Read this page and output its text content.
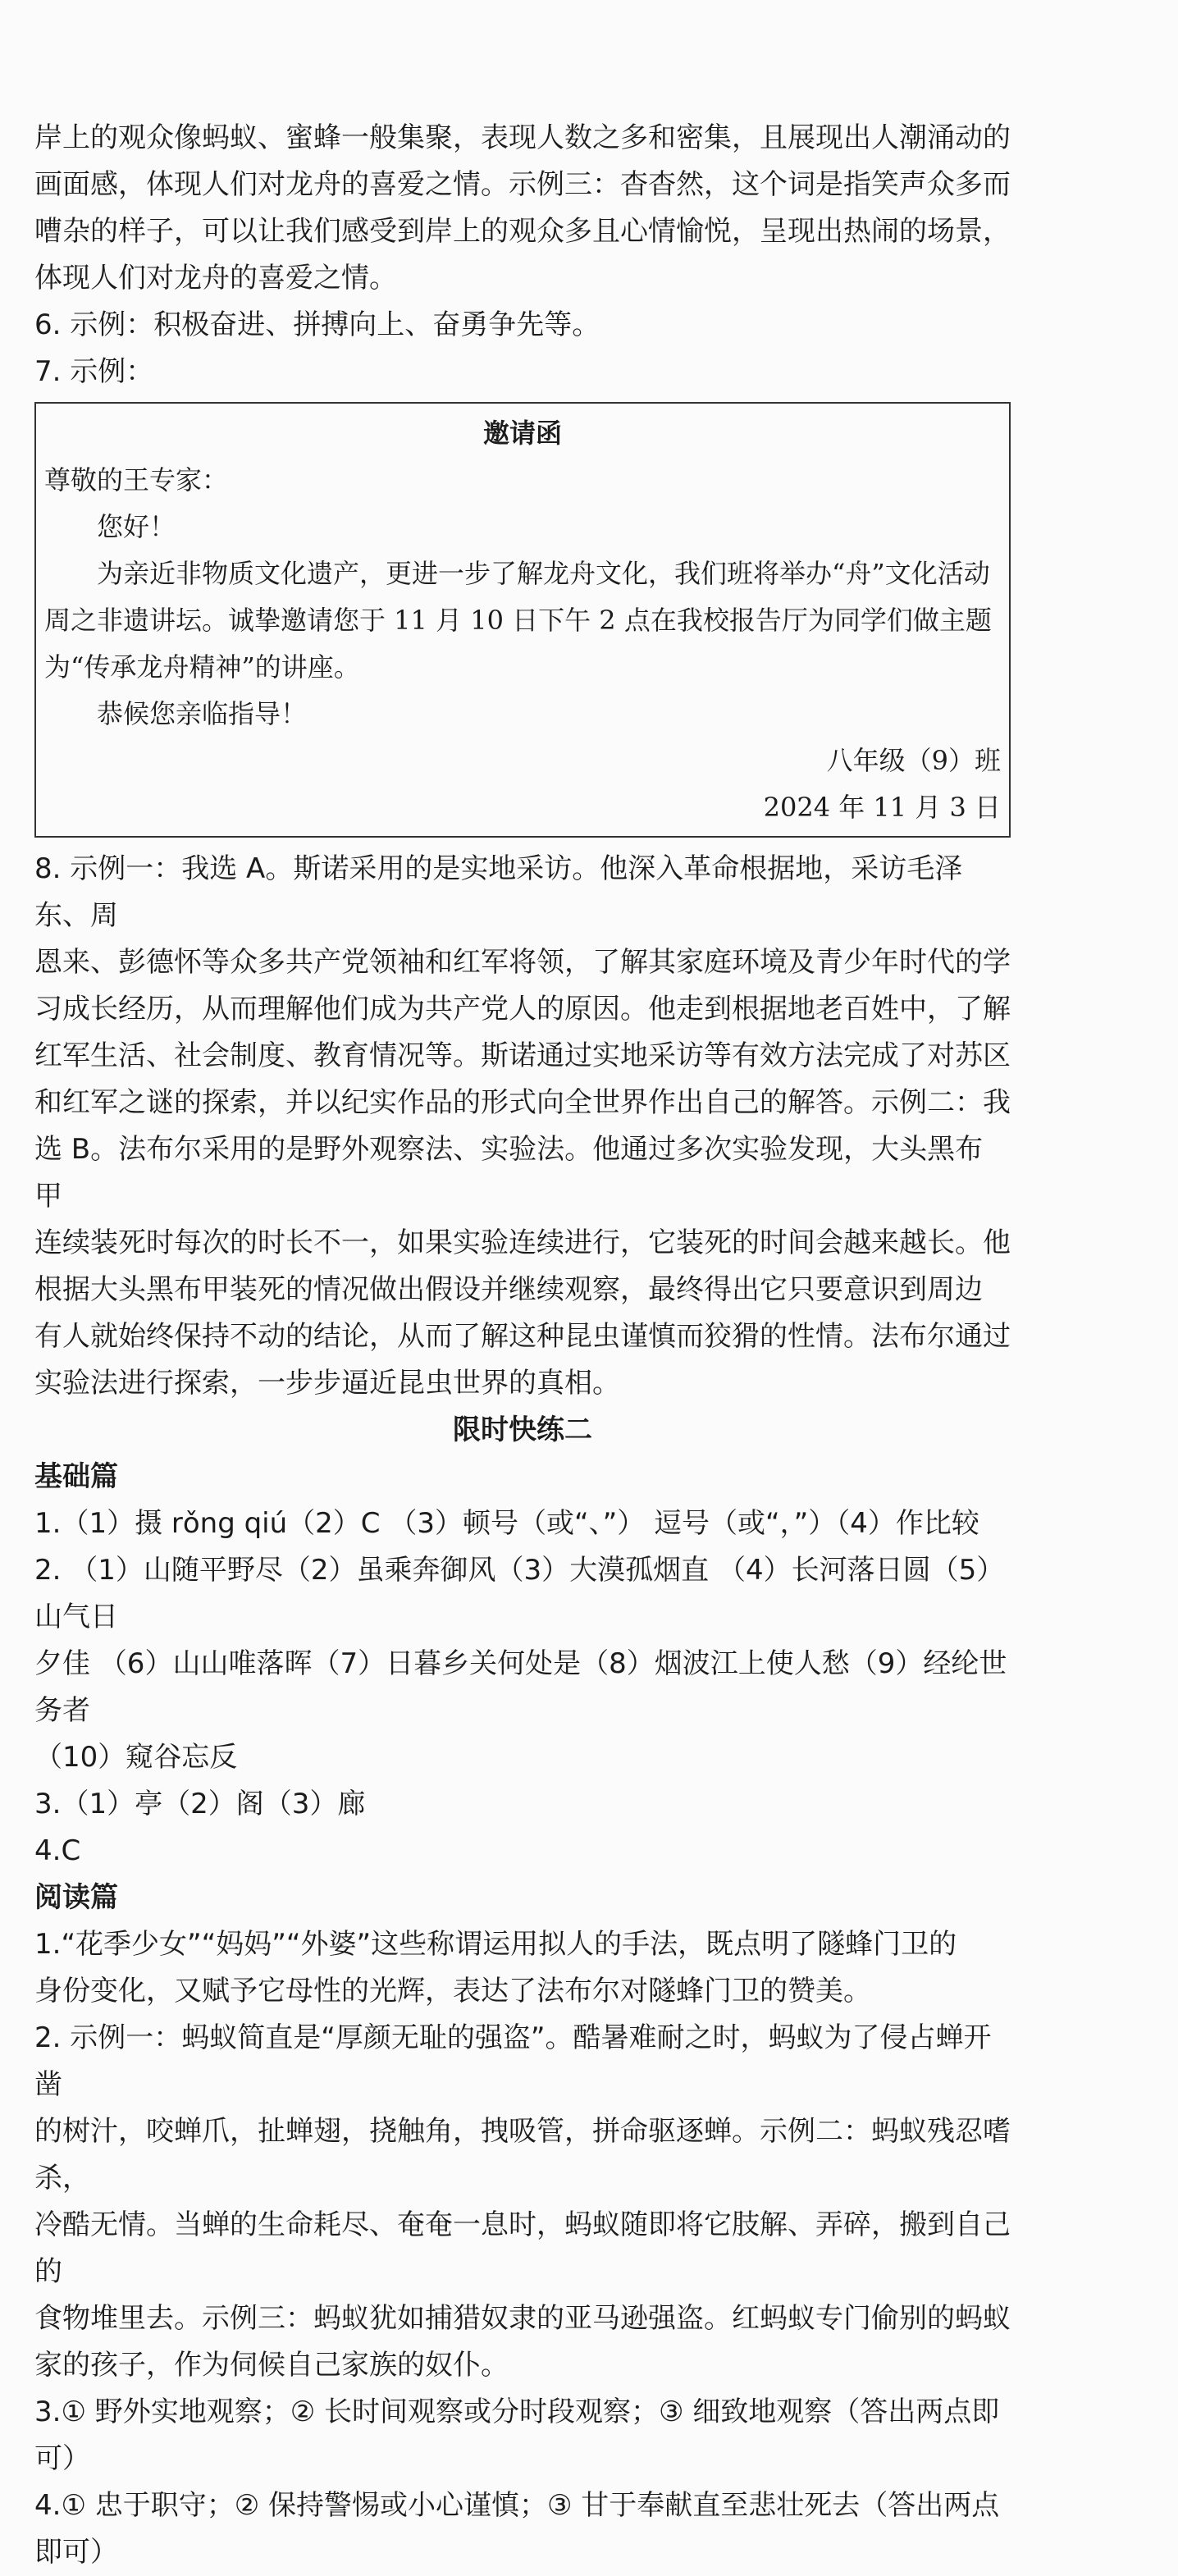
岸上的观众像蚂蚁、蜜蜂一般集聚，表现人数之多和密集，且展现出人潮涌动的

画面感，体现人们对龙舟的喜爱之情。示例三：杳杳然，这个词是指笑声众多而

嘈杂的样子，可以让我们感受到岸上的观众多且心情愉悦，呈现出热闹的场景，

体现人们对龙舟的喜爱之情。

6. 示例：积极奋进、拼搏向上、奋勇争先等。

7. 示例：

邀请函
尊敬的王专家：
您好！
为亲近非物质文化遗产，更进一步了解龙舟文化，我们班将举办“舟”文化活动
周之非遗讲坛。诚挚邀请您于 11 月 10 日下午 2 点在我校报告厅为同学们做主题
为“传承龙舟精神”的讲座。
恭候您亲临指导！
八年级（9）班
2024 年 11 月 3 日

8. 示例一：我选 A。斯诺采用的是实地采访。他深入革命根据地，采访毛泽东、周

恩来、彭德怀等众多共产党领袖和红军将领，了解其家庭环境及青少年时代的学

习成长经历，从而理解他们成为共产党人的原因。他走到根据地老百姓中，了解

红军生活、社会制度、教育情况等。斯诺通过实地采访等有效方法完成了对苏区

和红军之谜的探索，并以纪实作品的形式向全世界作出自己的解答。示例二：我

选 B。法布尔采用的是野外观察法、实验法。他通过多次实验发现，大头黑布甲

连续装死时每次的时长不一，如果实验连续进行，它装死的时间会越来越长。他

根据大头黑布甲装死的情况做出假设并继续观察，最终得出它只要意识到周边

有人就始终保持不动的结论，从而了解这种昆虫谨慎而狡猾的性情。法布尔通过

实验法进行探索，一步步逼近昆虫世界的真相。

限时快练二

基础篇

1.（1）摄 rǒng qiú（2）C （3）顿号（或“、”） 逗号（或“，”）（4）作比较

2. （1）山随平野尽（2）虽乘奔御风（3）大漠孤烟直 （4）长河落日圆（5）山气日

夕佳 （6）山山唯落晖（7）日暮乡关何处是（8）烟波江上使人愁（9）经纶世务者

（10）窥谷忘反

3.（1）亭（2）阁（3）廊

4.C

阅读篇

1.“花季少女”“妈妈”“外婆”这些称谓运用拟人的手法，既点明了隧蜂门卫的

身份变化，又赋予它母性的光辉，表达了法布尔对隧蜂门卫的赞美。

2. 示例一：蚂蚁简直是“厚颜无耻的强盗”。酷暑难耐之时，蚂蚁为了侵占蝉开凿

的树汁，咬蝉爪，扯蝉翅，挠触角，拽吸管，拼命驱逐蝉。示例二：蚂蚁残忍嗜杀，

冷酷无情。当蝉的生命耗尽、奄奄一息时，蚂蚁随即将它肢解、弄碎，搬到自己的

食物堆里去。示例三：蚂蚁犹如捕猎奴隶的亚马逊强盗。红蚂蚁专门偷别的蚂蚁

家的孩子，作为伺候自己家族的奴仆。

3.① 野外实地观察；② 长时间观察或分时段观察；③ 细致地观察（答出两点即

可）

4.① 忠于职守；② 保持警惕或小心谨慎；③ 甘于奉献直至悲壮死去（答出两点

即可）
